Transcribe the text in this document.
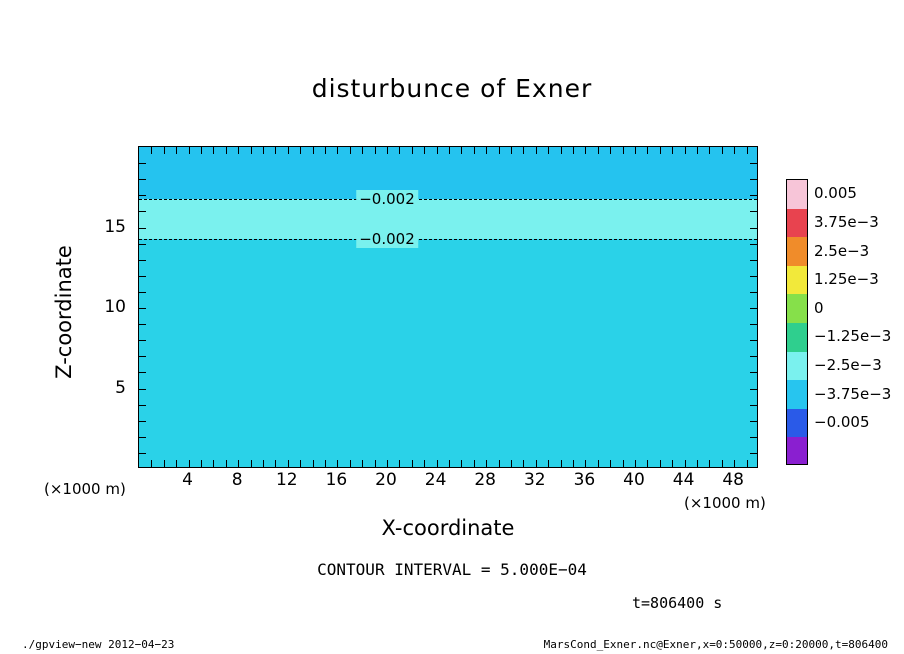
disturbunce of Exner
Z-coordinate
−0.002
−0.002
4 8 12 16 20 24 28 32 36 40 44 48
5
10
15
(×1000 m)
(×1000 m)
X-coordinate
0.005
3.75e−3
2.5e−3
1.25e−3
0
−1.25e−3
−2.5e−3
−3.75e−3
−0.005
CONTOUR INTERVAL = 5.000E−04
t=806400 s
./gpview−new 2012−04−23	MarsCond_Exner.nc@Exner,x=0:50000,z=0:20000,t=806400
